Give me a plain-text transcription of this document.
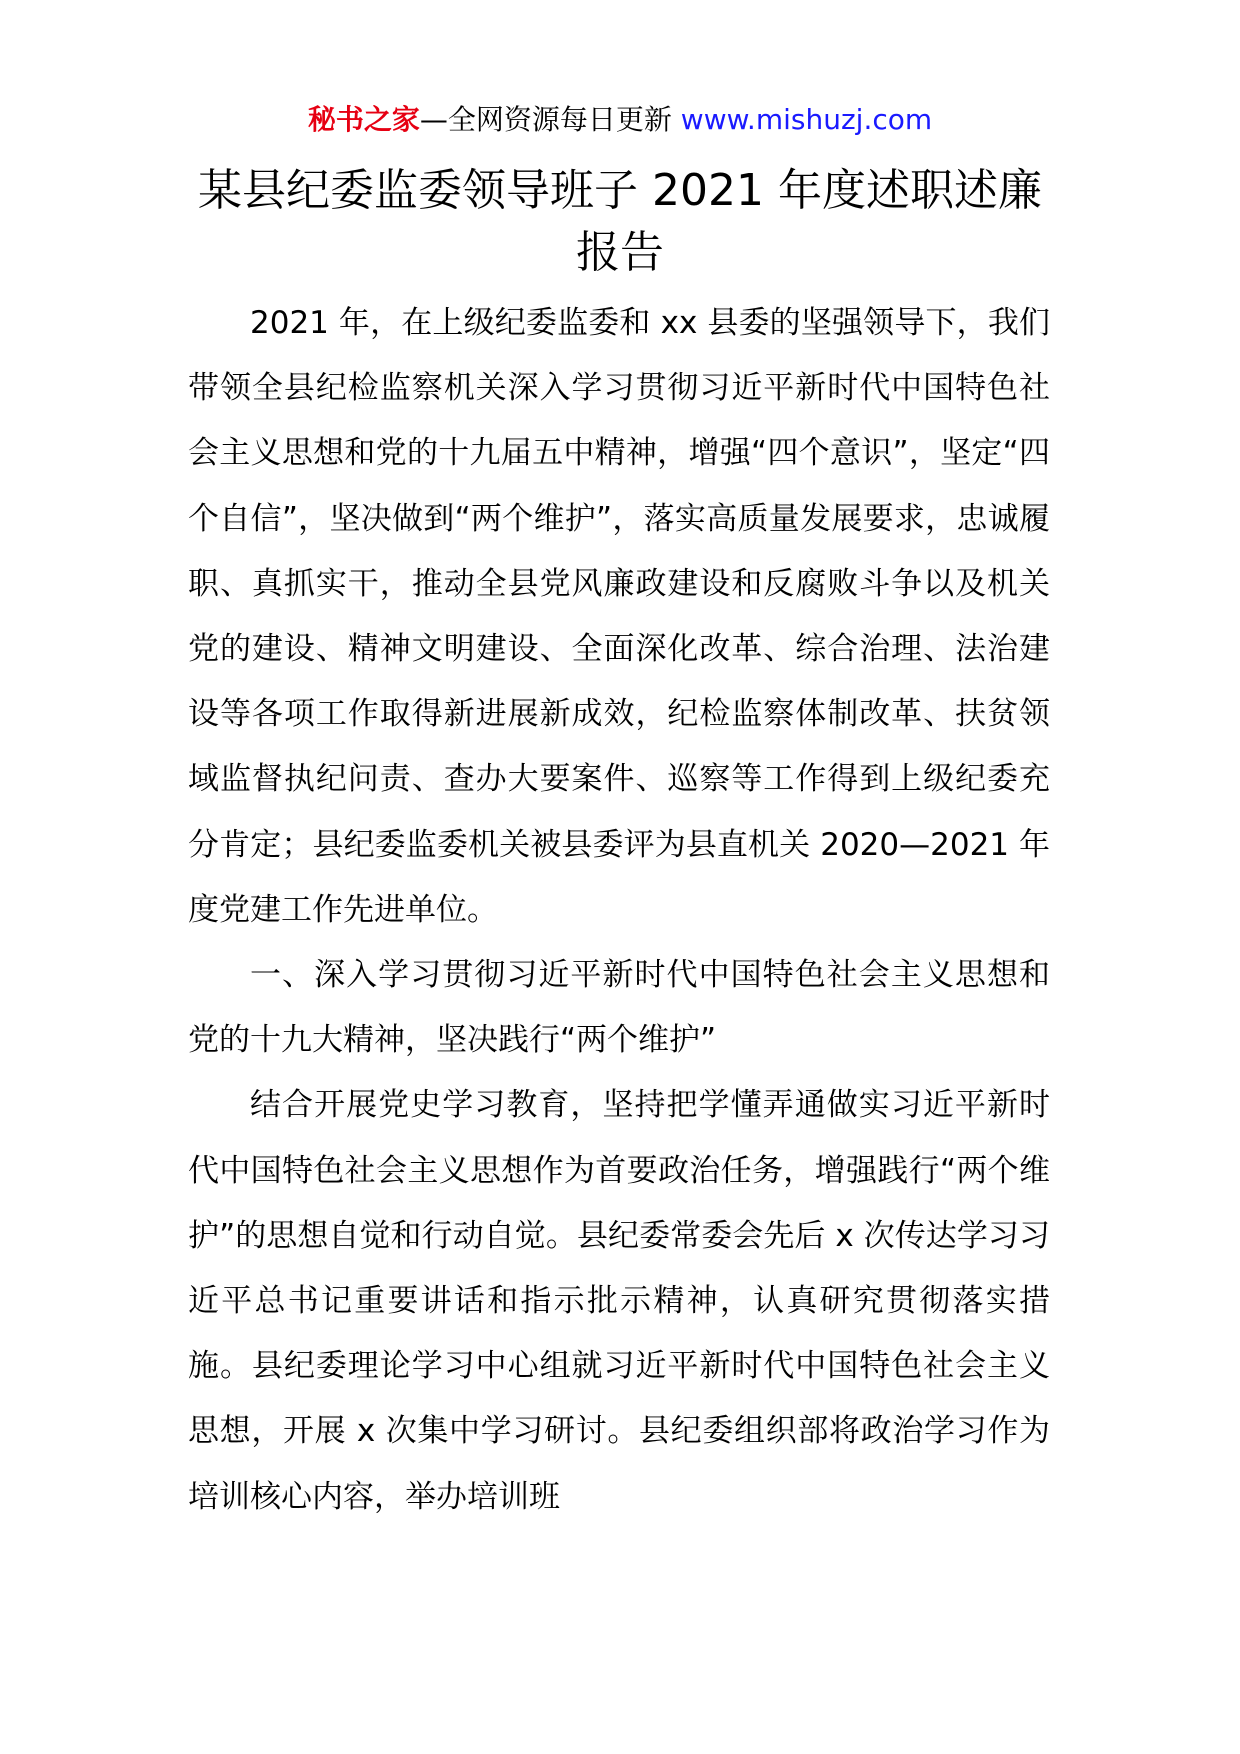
秘书之家—全网资源每日更新 www.mishuzj.com
某县纪委监委领导班子 2021 年度述职述廉报告

2021 年，在上级纪委监委和 xx 县委的坚强领导下，我们带领全县纪检监察机关深入学习贯彻习近平新时代中国特色社会主义思想和党的十九届五中精神，增强“四个意识”，坚定“四个自信”，坚决做到“两个维护”，落实高质量发展要求，忠诚履职、真抓实干，推动全县党风廉政建设和反腐败斗争以及机关党的建设、精神文明建设、全面深化改革、综合治理、法治建设等各项工作取得新进展新成效，纪检监察体制改革、扶贫领域监督执纪问责、查办大要案件、巡察等工作得到上级纪委充分肯定；县纪委监委机关被县委评为县直机关 2020—2021 年度党建工作先进单位。

一、深入学习贯彻习近平新时代中国特色社会主义思想和党的十九大精神，坚决践行“两个维护”

结合开展党史学习教育，坚持把学懂弄通做实习近平新时代中国特色社会主义思想作为首要政治任务，增强践行“两个维护”的思想自觉和行动自觉。县纪委常委会先后 x 次传达学习习近平总书记重要讲话和指示批示精神，认真研究贯彻落实措施。县纪委理论学习中心组就习近平新时代中国特色社会主义思想，开展 x 次集中学习研讨。县纪委组织部将政治学习作为培训核心内容，举办培训班
